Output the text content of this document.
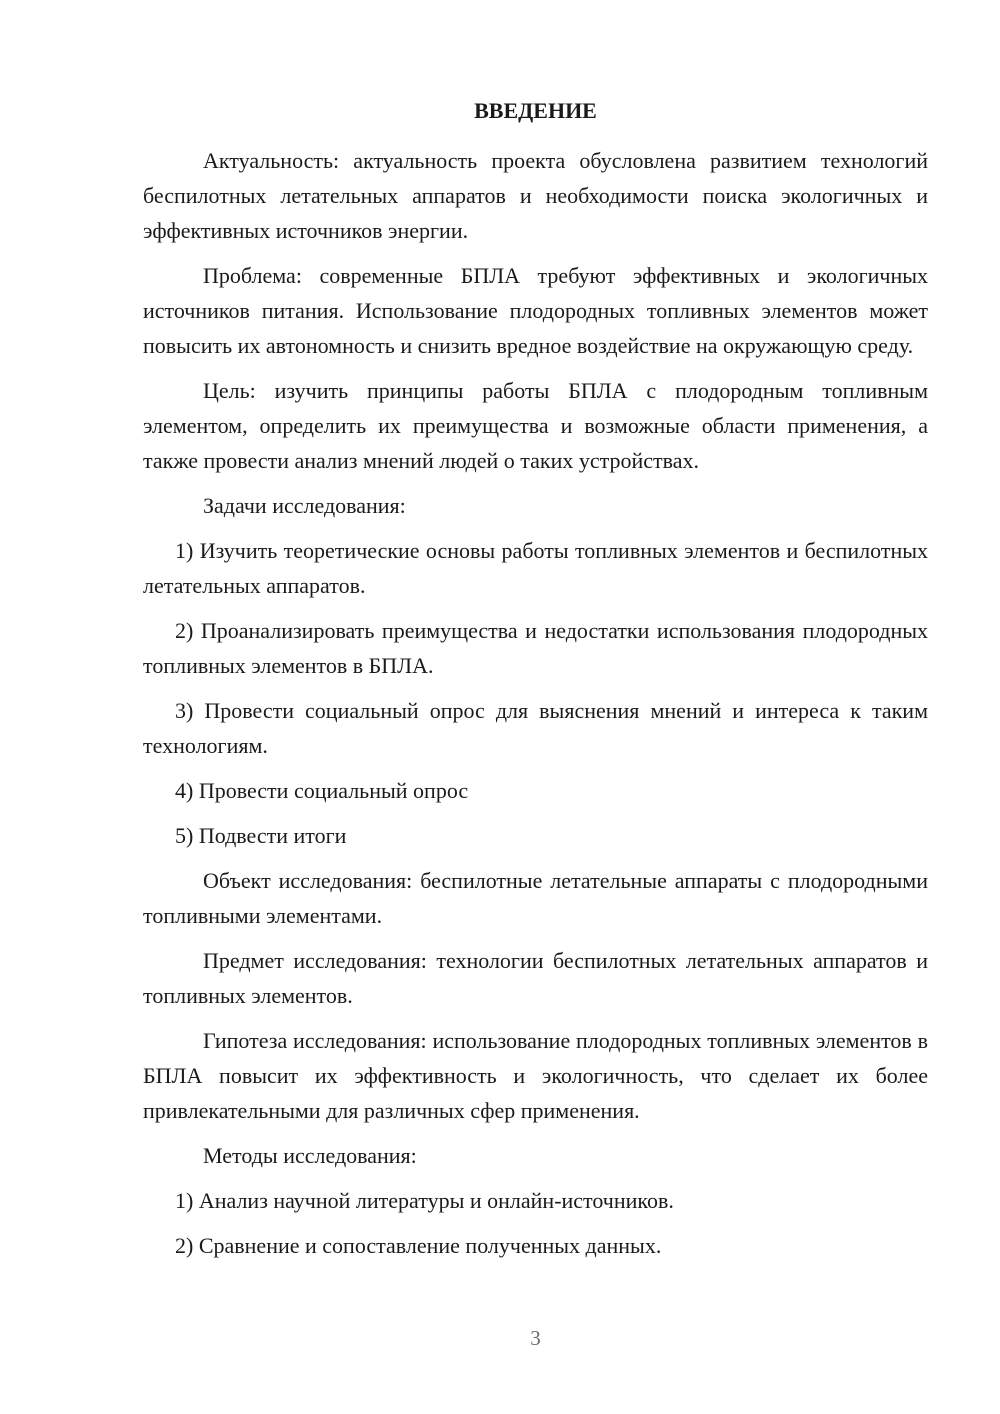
ВВЕДЕНИЕ

Актуальность: актуальность проекта обусловлена развитием технологий беспилотных летательных аппаратов и необходимости поиска экологичных и эффективных источников энергии.

Проблема: современные БПЛА требуют эффективных и экологичных источников питания. Использование плодородных топливных элементов может повысить их автономность и снизить вредное воздействие на окружающую среду.

Цель: изучить принципы работы БПЛА с плодородным топливным элементом, определить их преимущества и возможные области применения, а также провести анализ мнений людей о таких устройствах.

Задачи исследования:

1) Изучить теоретические основы работы топливных элементов и беспилотных летательных аппаратов.

2) Проанализировать преимущества и недостатки использования плодородных топливных элементов в БПЛА.

3) Провести социальный опрос для выяснения мнений и интереса к таким технологиям.

4) Провести социальный опрос

5) Подвести итоги

Объект исследования: беспилотные летательные аппараты с плодородными топливными элементами.

Предмет исследования: технологии беспилотных летательных аппаратов и топливных элементов.

Гипотеза исследования: использование плодородных топливных элементов в БПЛА повысит их эффективность и экологичность, что сделает их более привлекательными для различных сфер применения.

Методы исследования:

1) Анализ научной литературы и онлайн-источников.

2) Сравнение и сопоставление полученных данных.

3
